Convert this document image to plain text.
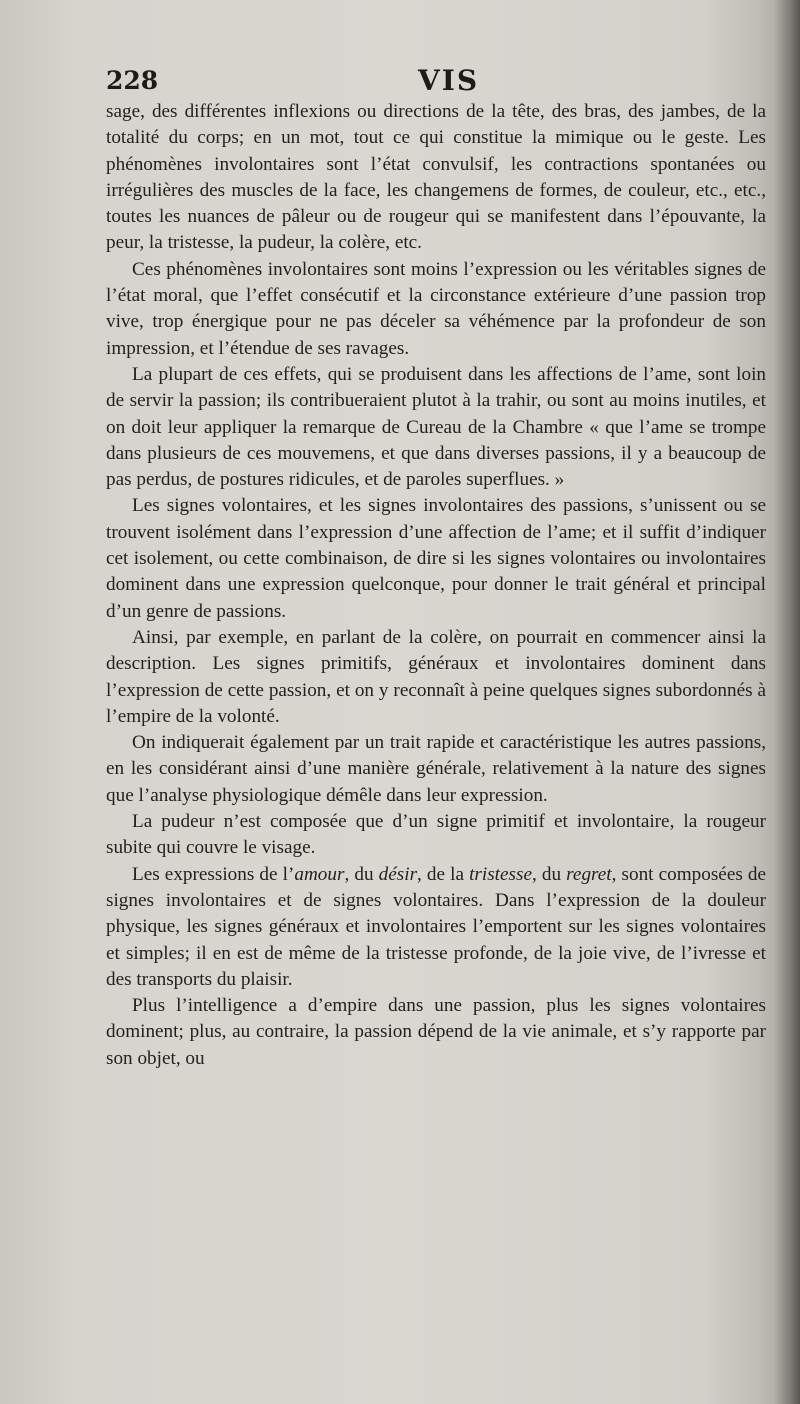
228	VIS

sage, des différentes inflexions ou directions de la tête, des bras, des jambes, de la totalité du corps; en un mot, tout ce qui constitue la mimique ou le geste. Les phénomènes involontaires sont l’état convulsif, les contractions spontanées ou irrégulières des muscles de la face, les changemens de formes, de couleur, etc., etc., toutes les nuances de pâleur ou de rougeur qui se manifestent dans l’épouvante, la peur, la tristesse, la pudeur, la colère, etc.

Ces phénomènes involontaires sont moins l’expression ou les véritables signes de l’état moral, que l’effet consécutif et la circonstance extérieure d’une passion trop vive, trop énergique pour ne pas déceler sa véhémence par la profondeur de son impression, et l’étendue de ses ravages.

La plupart de ces effets, qui se produisent dans les affections de l’ame, sont loin de servir la passion; ils contribueraient plutot à la trahir, ou sont au moins inutiles, et on doit leur appliquer la remarque de Cureau de la Chambre « que l’ame se trompe dans plusieurs de ces mouvemens, et que dans diverses passions, il y a beaucoup de pas perdus, de postures ridicules, et de paroles superflues. »

Les signes volontaires, et les signes involontaires des passions, s’unissent ou se trouvent isolément dans l’expression d’une affection de l’ame; et il suffit d’indiquer cet isolement, ou cette combinaison, de dire si les signes volontaires ou involontaires dominent dans une expression quelconque, pour donner le trait général et principal d’un genre de passions.

Ainsi, par exemple, en parlant de la colère, on pourrait en commencer ainsi la description. Les signes primitifs, généraux et involontaires dominent dans l’expression de cette passion, et on y reconnaît à peine quelques signes subordonnés à l’empire de la volonté.

On indiquerait également par un trait rapide et caractéristique les autres passions, en les considérant ainsi d’une manière générale, relativement à la nature des signes que l’analyse physiologique démêle dans leur expression.

La pudeur n’est composée que d’un signe primitif et involontaire, la rougeur subite qui couvre le visage.

Les expressions de l’amour, du désir, de la tristesse, du regret, sont composées de signes involontaires et de signes volontaires. Dans l’expression de la douleur physique, les signes généraux et involontaires l’emportent sur les signes volontaires et simples; il en est de même de la tristesse profonde, de la joie vive, de l’ivresse et des transports du plaisir.

Plus l’intelligence a d’empire dans une passion, plus les signes volontaires dominent; plus, au contraire, la passion dépend de la vie animale, et s’y rapporte par son objet, ou
